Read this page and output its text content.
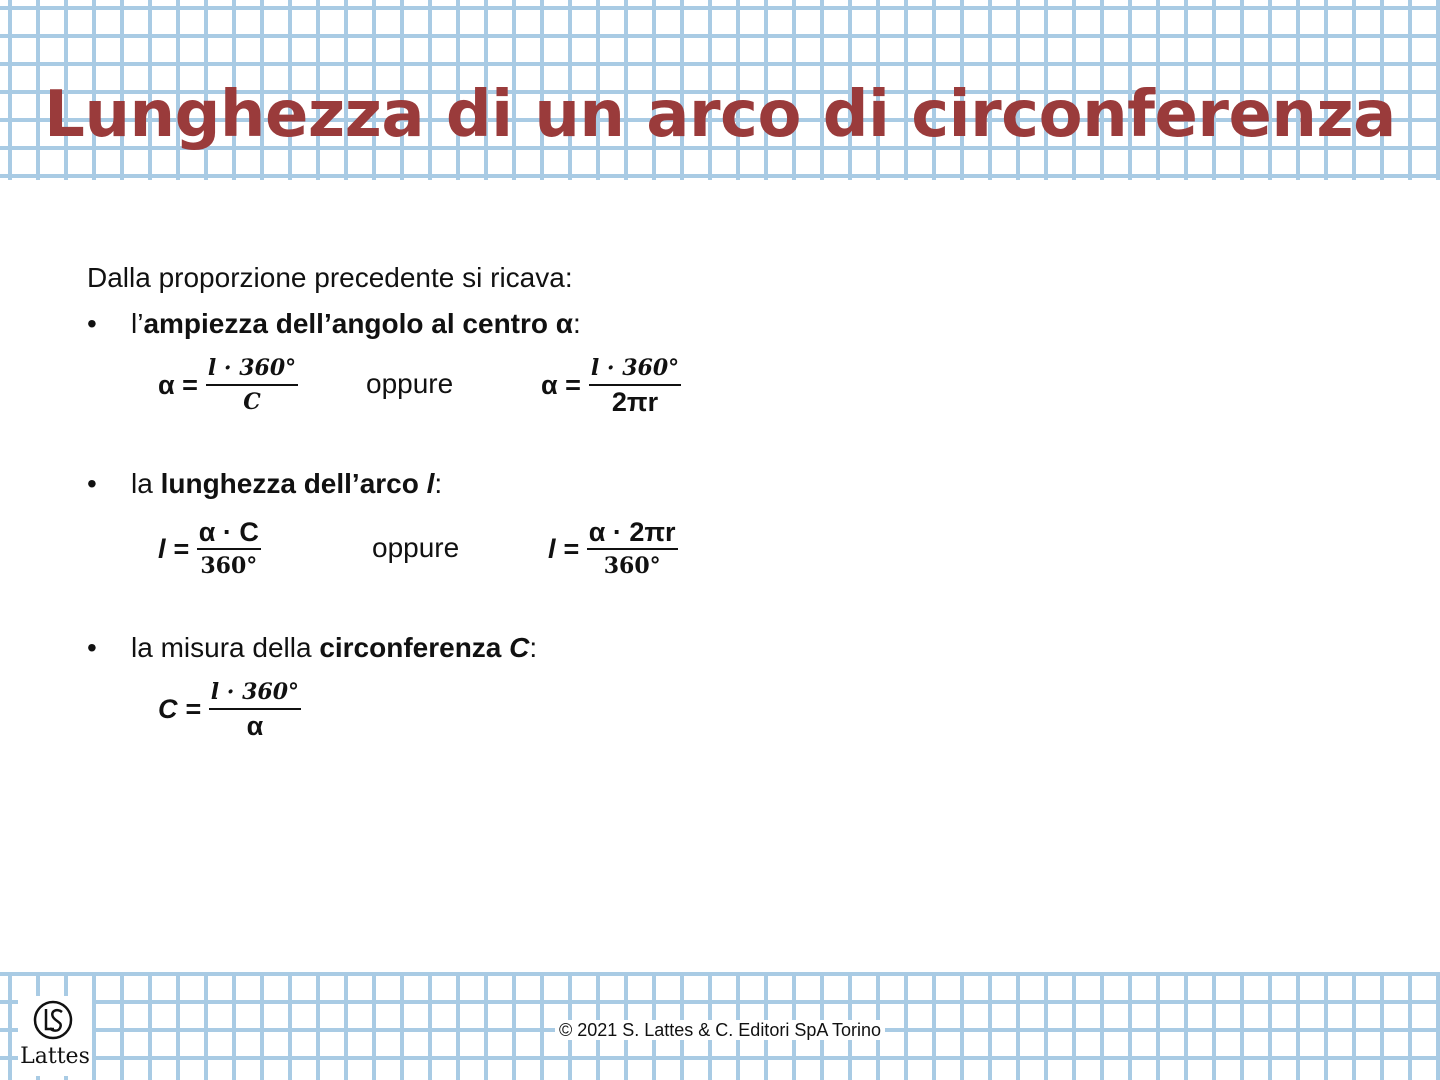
Lunghezza di un arco di circonferenza
Dalla proporzione precedente si ricava:
• l’ampiezza dell’angolo al centro α:
$\alpha = \frac{l \cdot 360^\circ}{C}$ oppure	$\alpha = \frac{l \cdot 360^\circ}{2\pi r}$
• la lunghezza dell’arco l:
$l = \frac{\alpha \cdot C}{360^\circ}$	oppure	$l = \frac{\alpha \cdot 2\pi r}{360^\circ}$
• la misura della circonferenza C:
$C = \frac{l \cdot 360^\circ}{\alpha}$
Lattes
© 2021 S. Lattes & C. Editori SpA Torino
